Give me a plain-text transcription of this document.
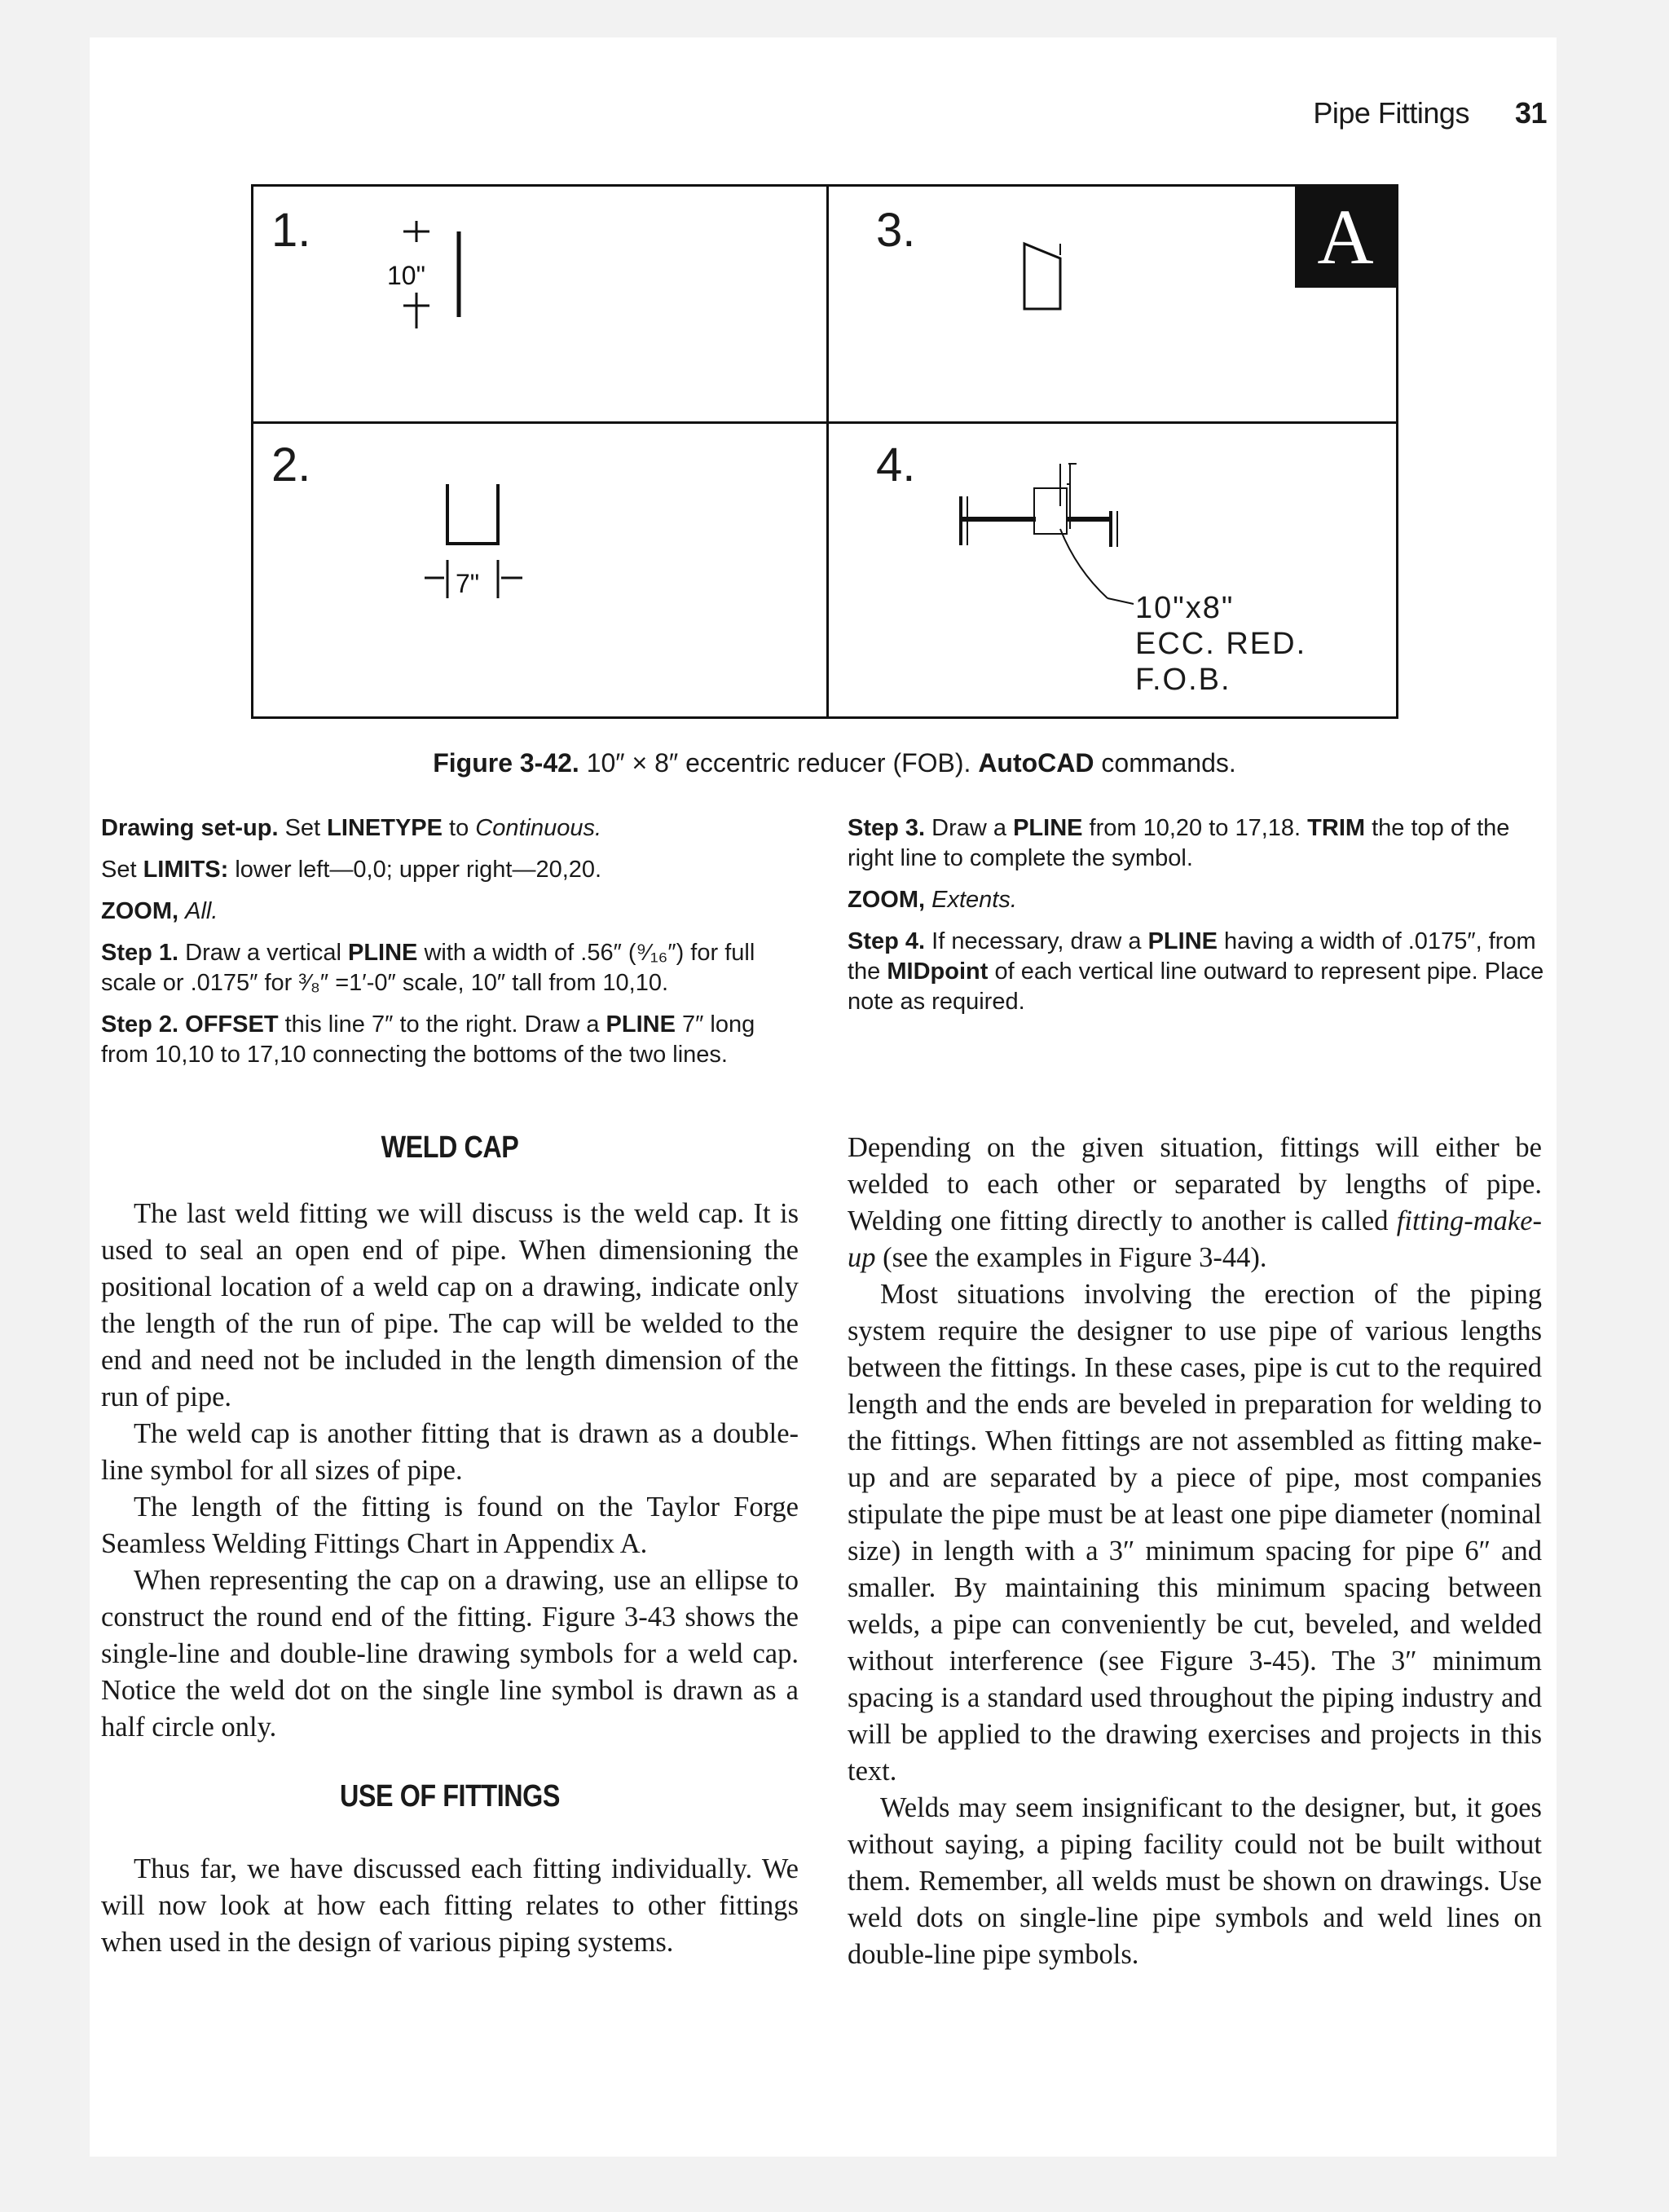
Pipe Fittings 31
1.
2.
3.
4.
A
10"
7"
10"x8"
ECC. RED.
F.O.B.
Figure 3-42. 10″ × 8″ eccentric reducer (FOB). AutoCAD commands.

Drawing set-up. Set LINETYPE to Continuous.

Set LIMITS: lower left—0,0; upper right—20,20.

ZOOM, All.

Step 1. Draw a vertical PLINE with a width of .56″ (⁹⁄₁₆″) for full scale or .0175″ for ³⁄₈″ =1′-0″ scale, 10″ tall from 10,10.

Step 2. OFFSET this line 7″ to the right. Draw a PLINE 7″ long from 10,10 to 17,10 connecting the bottoms of the two lines.

Step 3. Draw a PLINE from 10,20 to 17,18. TRIM the top of the right line to complete the symbol.

ZOOM, Extents.

Step 4. If necessary, draw a PLINE having a width of .0175″, from the MIDpoint of each vertical line outward to represent pipe. Place note as required.

WELD CAP

The last weld fitting we will discuss is the weld cap. It is used to seal an open end of pipe. When dimensioning the positional location of a weld cap on a drawing, indicate only the length of the run of pipe. The cap will be welded to the end and need not be included in the length dimension of the run of pipe.

The weld cap is another fitting that is drawn as a double-line symbol for all sizes of pipe.

The length of the fitting is found on the Taylor Forge Seamless Welding Fittings Chart in Appendix A.

When representing the cap on a drawing, use an ellipse to construct the round end of the fitting. Figure 3-43 shows the single-line and double-line drawing symbols for a weld cap. Notice the weld dot on the single line symbol is drawn as a half circle only.

USE OF FITTINGS

Thus far, we have discussed each fitting individually. We will now look at how each fitting relates to other fittings when used in the design of various piping systems.

Depending on the given situation, fittings will either be welded to each other or separated by lengths of pipe. Welding one fitting directly to another is called fitting-make-up (see the examples in Figure 3-44).

Most situations involving the erection of the piping system require the designer to use pipe of various lengths between the fittings. In these cases, pipe is cut to the required length and the ends are beveled in preparation for welding to the fittings. When fittings are not assembled as fitting make-up and are separated by a piece of pipe, most companies stipulate the pipe must be at least one pipe diameter (nominal size) in length with a 3″ minimum spacing for pipe 6″ and smaller. By maintaining this minimum spacing between welds, a pipe can conveniently be cut, beveled, and welded without interference (see Figure 3-45). The 3″ minimum spacing is a standard used throughout the piping industry and will be applied to the drawing exercises and projects in this text.

Welds may seem insignificant to the designer, but, it goes without saying, a piping facility could not be built without them. Remember, all welds must be shown on drawings. Use weld dots on single-line pipe symbols and weld lines on double-line pipe symbols.
